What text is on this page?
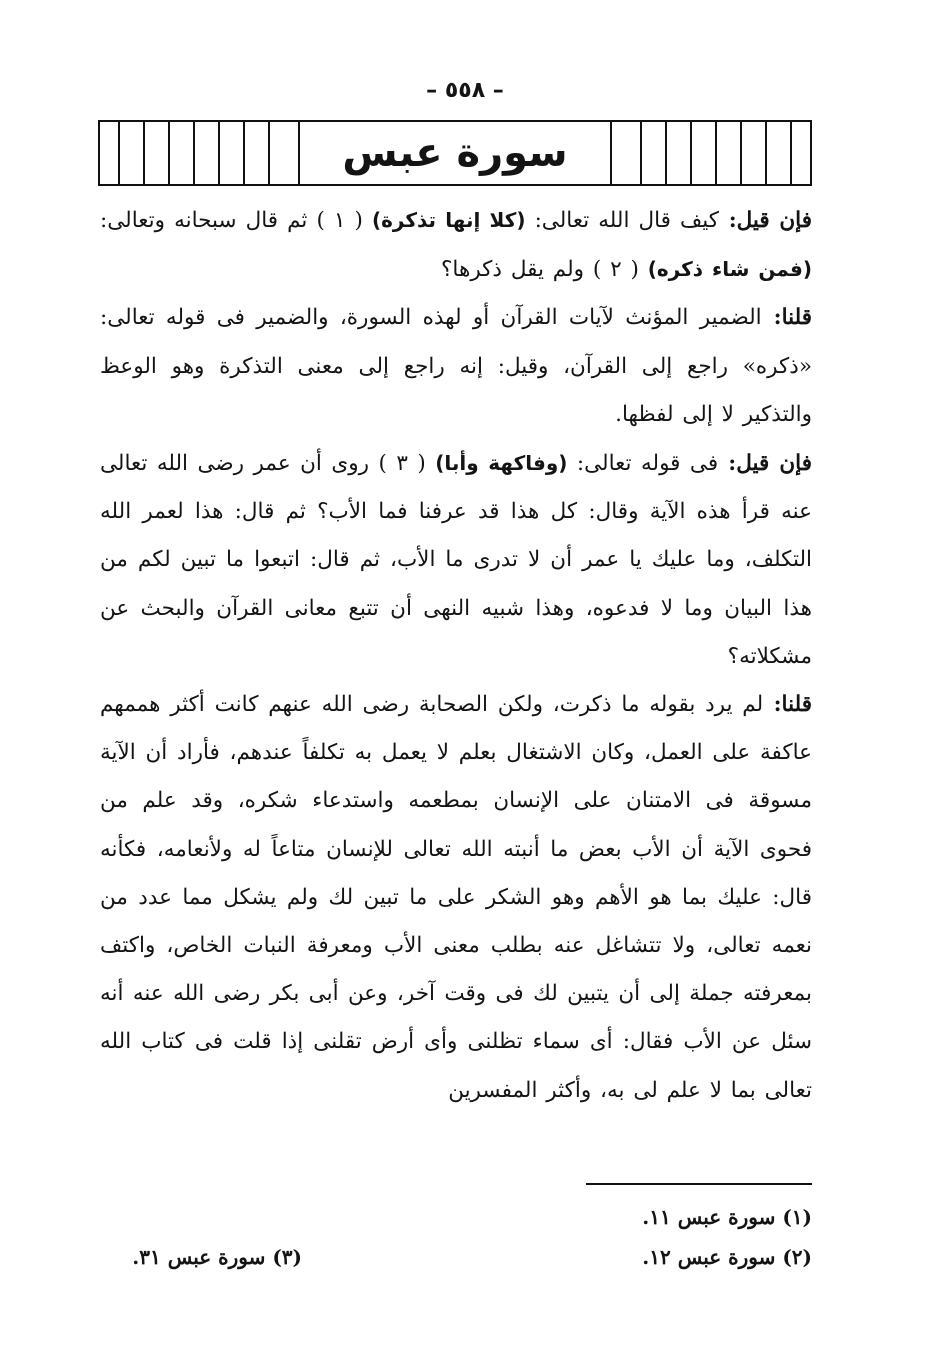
– ٥٥٨ –
سورة عبس

فإن قيل: كيف قال الله تعالى: (كلا إنها تذكرة) ( ١ ) ثم قال سبحانه وتعالى: (فمن شاء ذكره) ( ٢ ) ولم يقل ذكرها؟

قلنا: الضمير المؤنث لآيات القرآن أو لهذه السورة، والضمير فى قوله تعالى: «ذكره» راجع إلى القرآن، وقيل: إنه راجع إلى معنى التذكرة وهو الوعظ والتذكير لا إلى لفظها.

فإن قيل: فى قوله تعالى: (وفاكهة وأبا) ( ٣ ) روى أن عمر رضى الله تعالى عنه قرأ هذه الآية وقال: كل هذا قد عرفنا فما الأب؟ ثم قال: هذا لعمر الله التكلف، وما عليك يا عمر أن لا تدرى ما الأب، ثم قال: اتبعوا ما تبين لكم من هذا البيان وما لا فدعوه، وهذا شبيه النهى أن تتبع معانى القرآن والبحث عن مشكلاته؟

قلنا: لم يرد بقوله ما ذكرت، ولكن الصحابة رضى الله عنهم كانت أكثر هممهم عاكفة على العمل، وكان الاشتغال بعلم لا يعمل به تكلفاً عندهم، فأراد أن الآية مسوقة فى الامتنان على الإنسان بمطعمه واستدعاء شكره، وقد علم من فحوى الآية أن الأب بعض ما أنبته الله تعالى للإنسان متاعاً له ولأنعامه، فكأنه قال: عليك بما هو الأهم وهو الشكر على ما تبين لك ولم يشكل مما عدد من نعمه تعالى، ولا تتشاغل عنه بطلب معنى الأب ومعرفة النبات الخاص، واكتف بمعرفته جملة إلى أن يتبين لك فى وقت آخر، وعن أبى بكر رضى الله عنه أنه سئل عن الأب فقال: أى سماء تظلنى وأى أرض تقلنى إذا قلت فى كتاب الله تعالى بما لا علم لى به، وأكثر المفسرين

(١) سورة عبس ١١.
(٢) سورة عبس ١٢.
(٣) سورة عبس ٣١.
